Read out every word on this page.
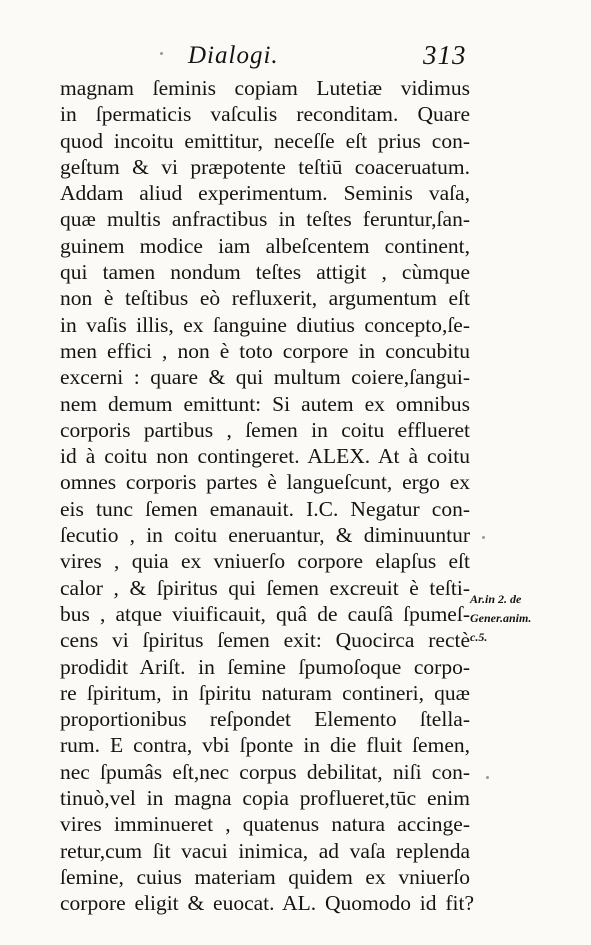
Dialogi.	313
magnam ſeminis copiam Lutetiæ vidimus
in ſpermaticis vaſculis reconditam. Quare
quod incoitu emittitur, neceſſe eſt prius con-
geſtum & vi præpotente teſtiū coaceruatum.
Addam aliud experimentum. Seminis vaſa,
quæ multis anfractibus in teſtes feruntur,ſan-
guinem modice iam albeſcentem continent,
qui tamen nondum teſtes attigit , cùmque
non è teſtibus eò refluxerit, argumentum eſt
in vaſis illis, ex ſanguine diutius concepto,ſe-
men effici , non è toto corpore in concubitu
excerni : quare & qui multum coiere,ſangui-
nem demum emittunt: Si autem ex omnibus
corporis partibus , ſemen in coitu efflueret
id à coitu non contingeret. ALEX. At à coitu
omnes corporis partes è langueſcunt, ergo ex
eis tunc ſemen emanauit. I.C. Negatur con-
ſecutio , in coitu eneruantur, & diminuuntur
vires , quia ex vniuerſo corpore elapſus eſt
calor , & ſpiritus qui ſemen excreuit è teſti-
bus , atque viuificauit, quâ de cauſâ ſpumeſ-
cens vi ſpiritus ſemen exit: Quocirca rectè
prodidit Ariſt. in ſemine ſpumoſoque corpo-
re ſpiritum, in ſpiritu naturam contineri, quæ
proportionibus reſpondet Elemento ſtella-
rum. E contra, vbi ſponte in die fluit ſemen,
nec ſpumâs eſt,nec corpus debilitat, niſi con-
tinuò,vel in magna copia proflueret,tūc enim
vires imminueret , quatenus natura accinge-
retur,cum ſit vacui inimica, ad vaſa replenda
ſemine, cuius materiam quidem ex vniuerſo
corpore eligit & euocat. AL. Quomodo id fit?
Ar.in 2. de
Gener.anim.
c.5.
